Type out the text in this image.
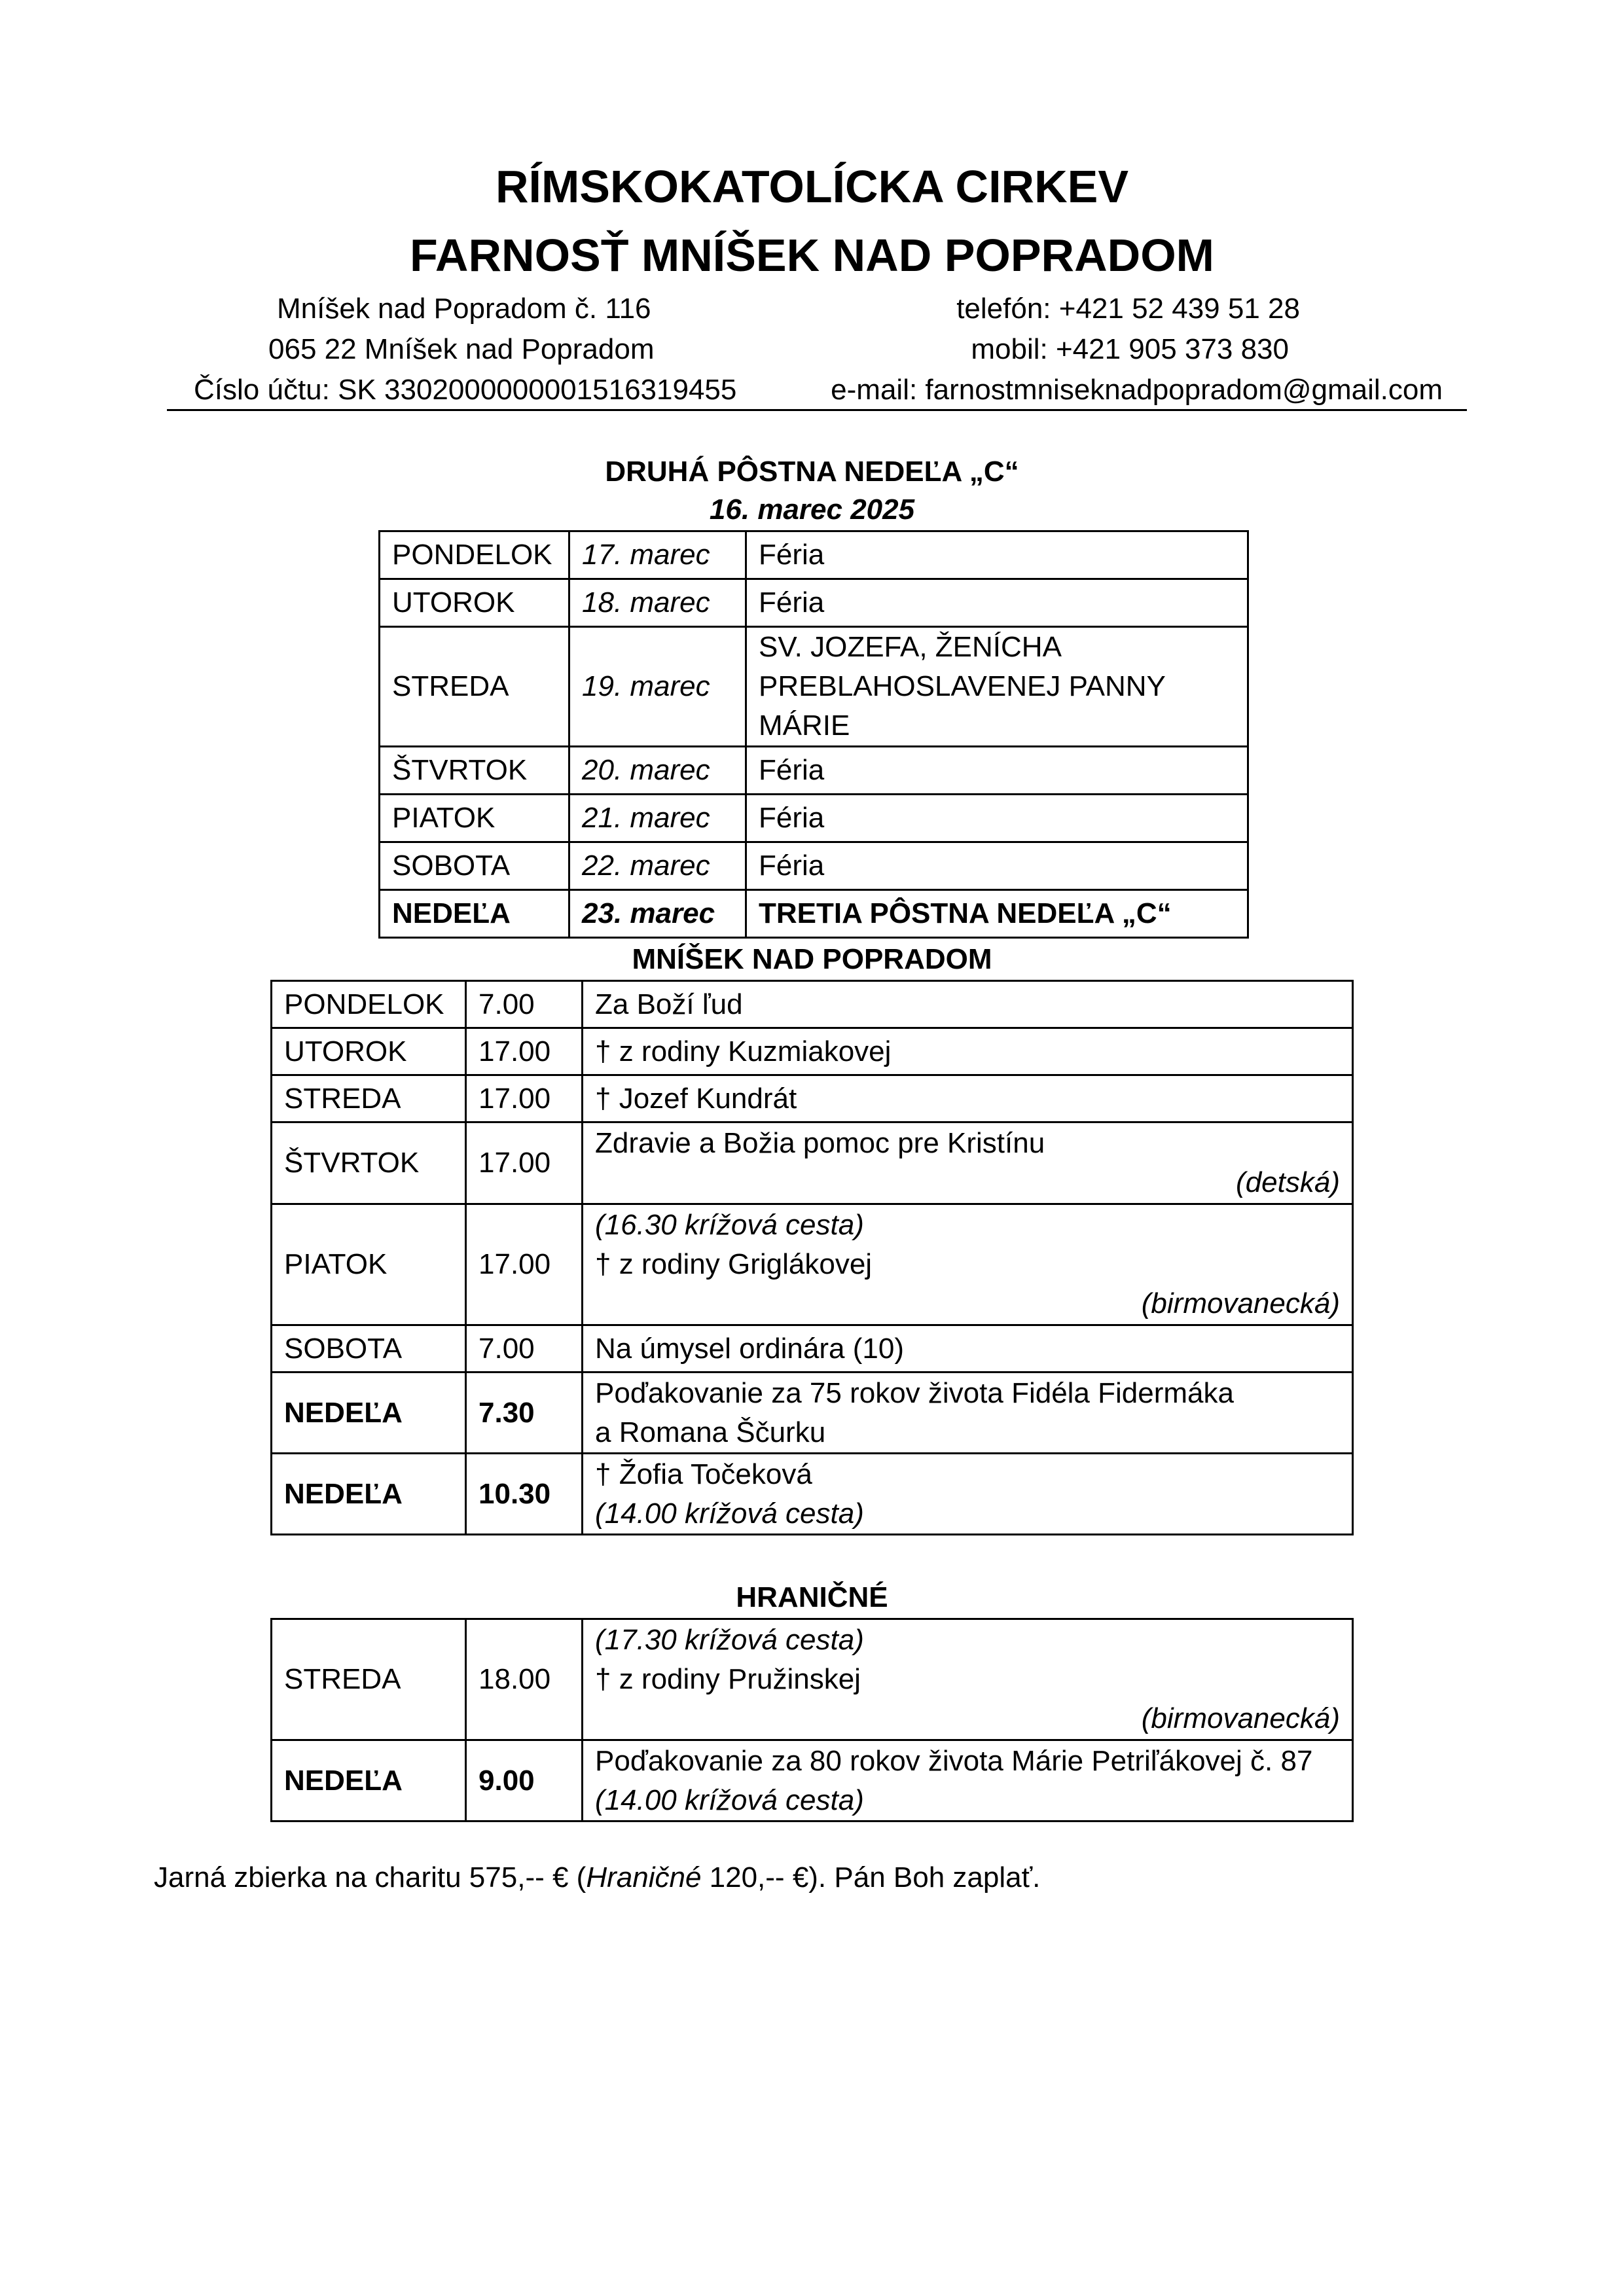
RÍMSKOKATOLÍCKA CIRKEV
FARNOSŤ MNÍŠEK NAD POPRADOM
Mníšek nad Popradom č. 116
065 22 Mníšek nad Popradom
Číslo účtu: SK 3302000000001516319455
telefón: +421 52 439 51 28
mobil: +421 905 373 830
e-mail: farnostmniseknadpopradom@gmail.com
DRUHÁ PÔSTNA NEDEĽA „C“
16. marec 2025
PONDELOK	17. marec	Féria
UTOROK	18. marec	Féria
STREDA	19. marec	SV. JOZEFA, ŽENÍCHA
PREBLAHOSLAVENEJ PANNY MÁRIE

ŠTVRTOK	20. marec	Féria
PIATOK	21. marec	Féria
SOBOTA	22. marec	Féria
NEDEĽA	23. marec	TRETIA PÔSTNA NEDEĽA „C“
MNÍŠEK NAD POPRADOM
PONDELOK	7.00	Za Boží ľud
UTOROK	17.00	† z rodiny Kuzmiakovej
STREDA	17.00	† Jozef Kundrát
ŠTVRTOK	17.00	Zdravie a Božia pomoc pre Kristínu
(detská)

PIATOK	17.00	(16.30 krížová cesta)
† z rodiny Griglákovej
(birmovanecká)

SOBOTA	7.00	Na úmysel ordinára (10)
NEDEĽA	7.30	Poďakovanie za 75 rokov života Fidéla Fidermáka
a Romana Ščurku

NEDEĽA	10.30	† Žofia Točeková
(14.00 krížová cesta)
HRANIČNÉ
STREDA	18.00	(17.30 krížová cesta)
† z rodiny Pružinskej
(birmovanecká)

NEDEĽA	9.00	Poďakovanie za 80 rokov života Márie Petriľákovej č. 87
(14.00 krížová cesta)
Jarná zbierka na charitu 575,-- € (Hraničné 120,-- €). Pán Boh zaplať.
